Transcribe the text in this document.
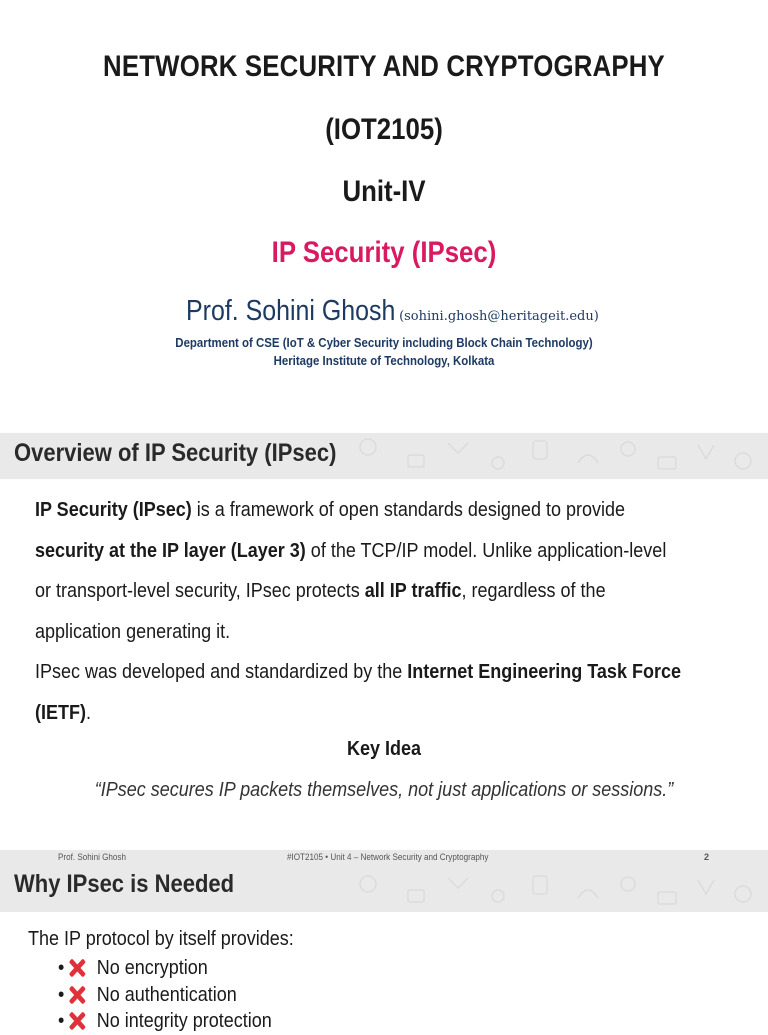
NETWORK SECURITY AND CRYPTOGRAPHY
(IOT2105)
Unit-IV
IP Security (IPsec)
Prof. Sohini Ghosh (sohini.ghosh@heritageit.edu)
Department of CSE (IoT & Cyber Security including Block Chain Technology)
Heritage Institute of Technology, Kolkata
Overview of IP Security (IPsec)

IP Security (IPsec) is a framework of open standards designed to provide

security at the IP layer (Layer 3) of the TCP/IP model. Unlike application-level

or transport-level security, IPsec protects all IP traffic, regardless of the

application generating it.

IPsec was developed and standardized by the Internet Engineering Task Force

(IETF).

Key Idea
“IPsec secures IP packets themselves, not just applications or sessions.”
Why IPsec is Needed
Prof. Sohini Ghosh	#IOT2105 • Unit 4 – Network Security and Cryptography	2
The IP protocol by itself provides:
• No encryption
• No authentication
• No integrity protection
